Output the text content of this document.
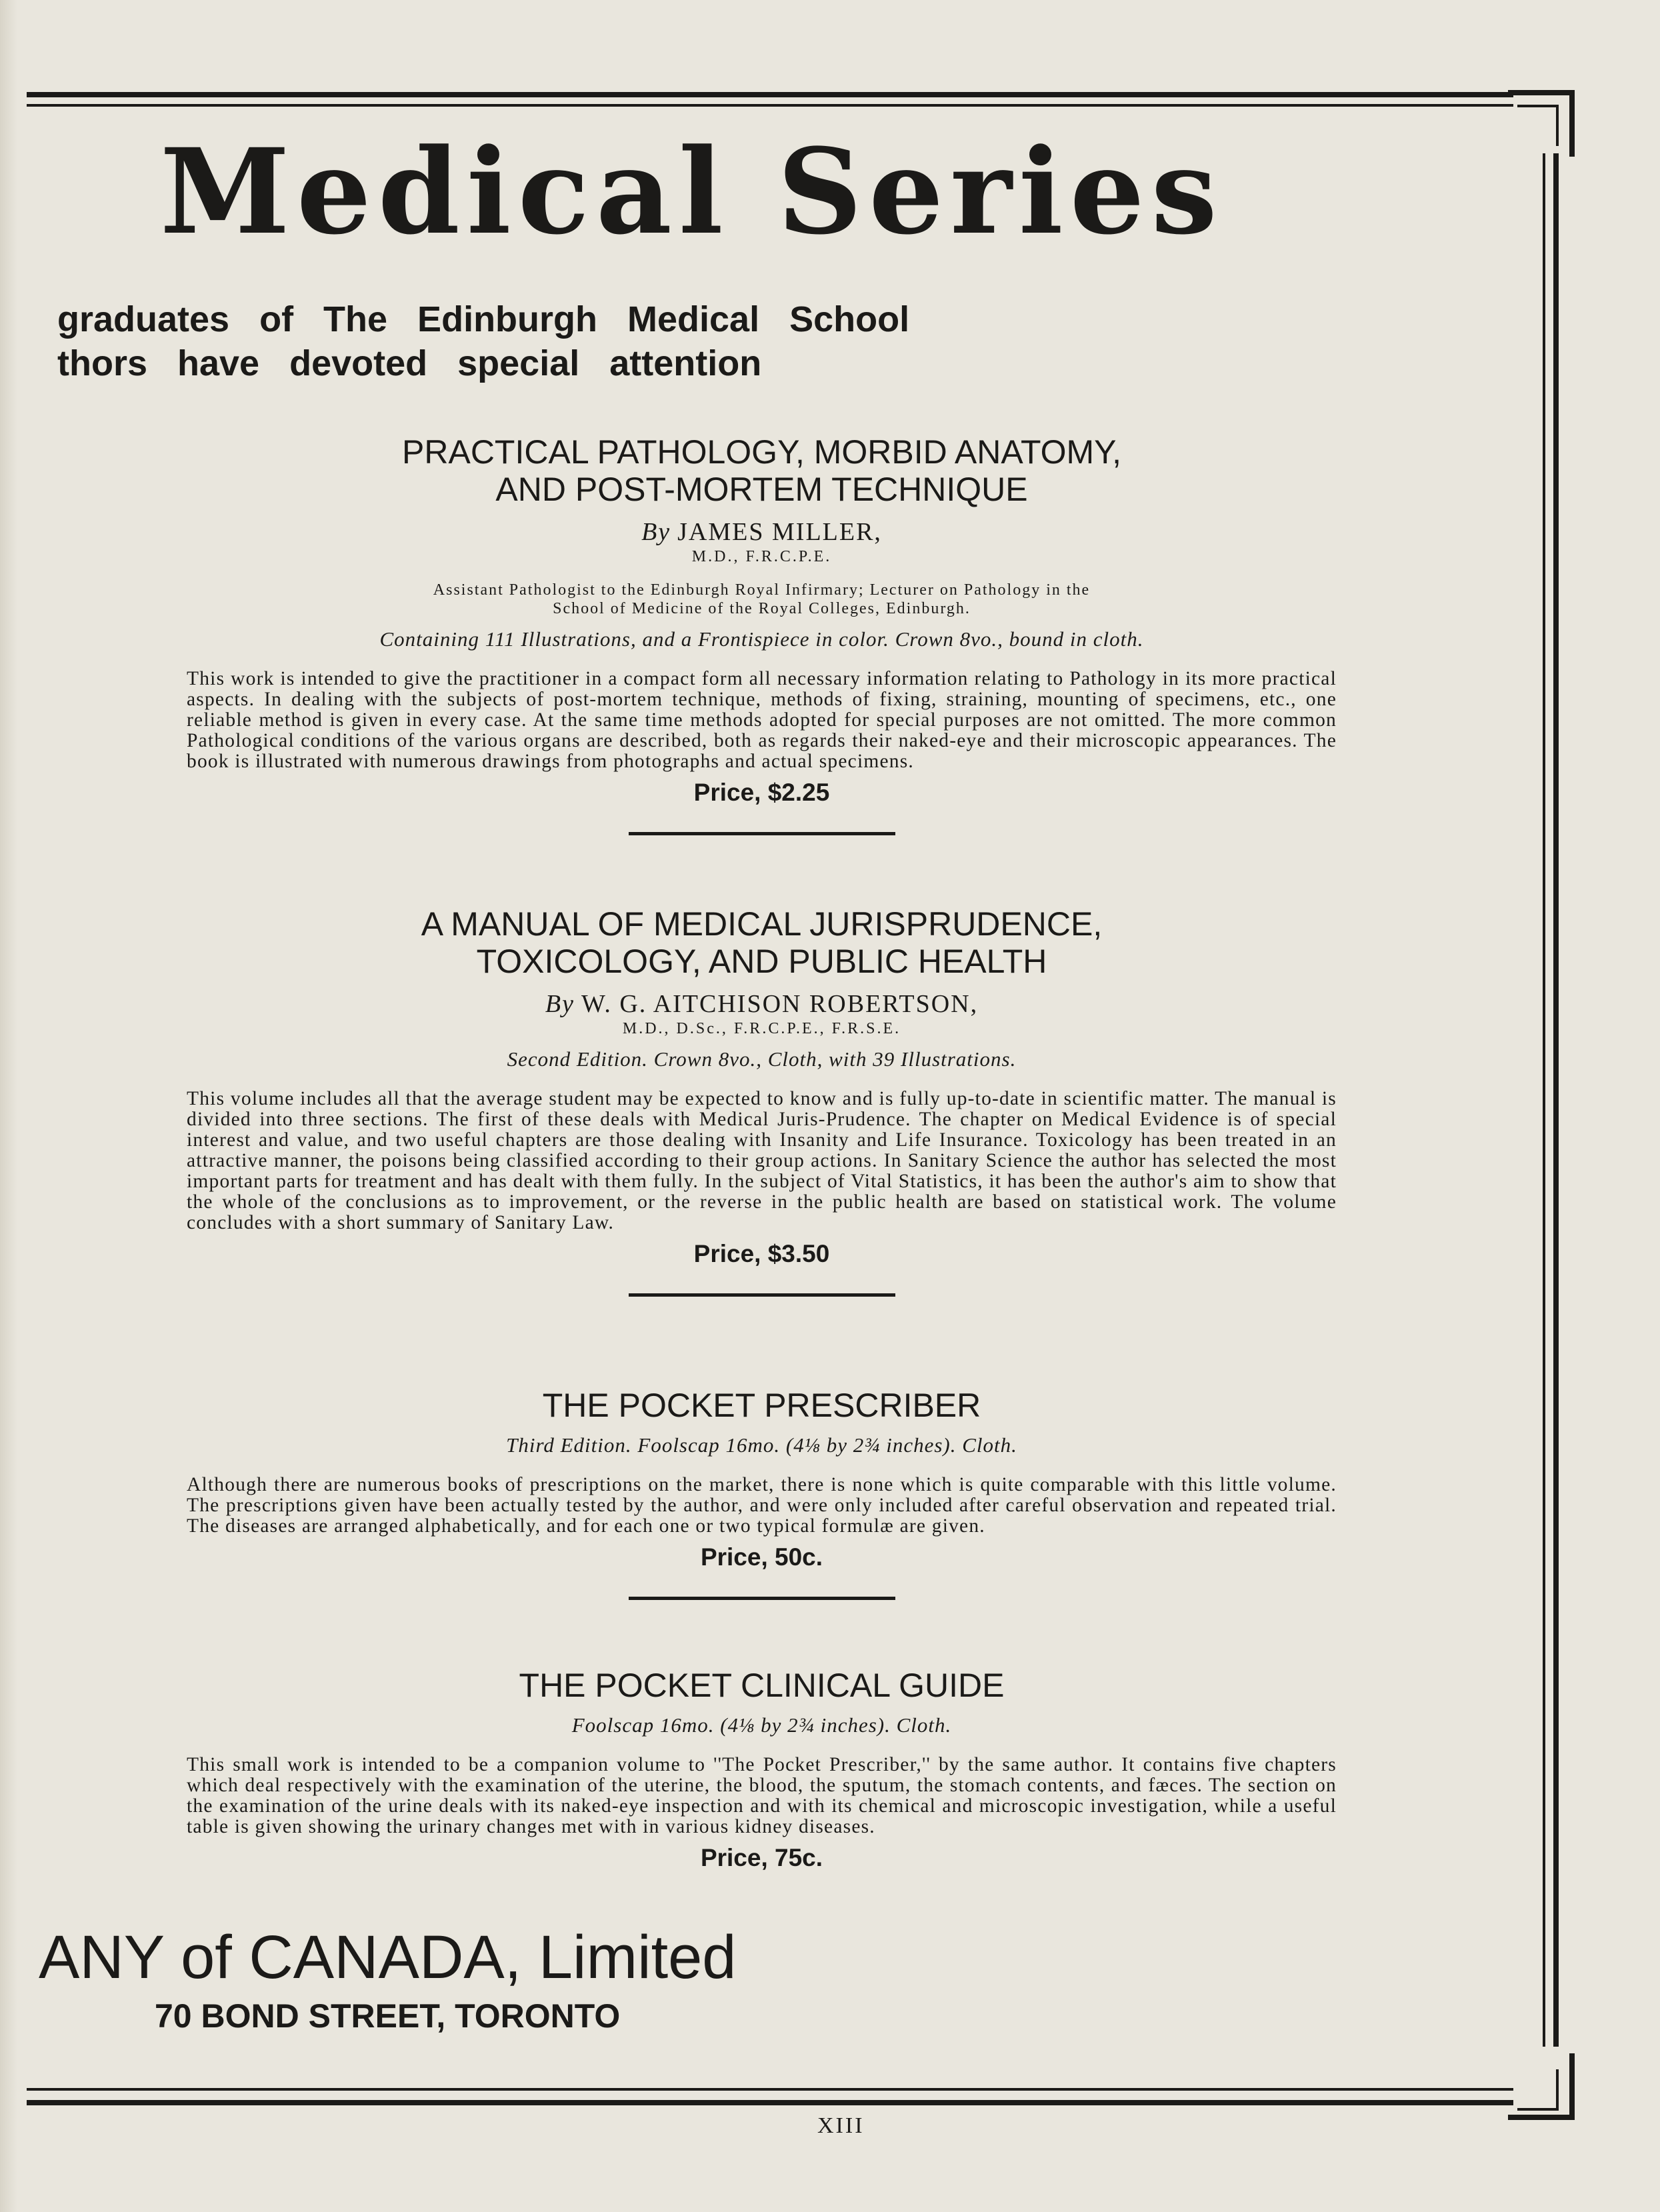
Medical Series
graduates of The Edinburgh Medical School
thors have devoted special attention

PRACTICAL PATHOLOGY, MORBID ANATOMY,
AND POST-MORTEM TECHNIQUE

By JAMES MILLER,
M.D., F.R.C.P.E.
Assistant Pathologist to the Edinburgh Royal Infirmary; Lecturer on Pathology in the
School of Medicine of the Royal Colleges, Edinburgh.
Containing 111 Illustrations, and a Frontispiece in color. Crown 8vo., bound in cloth.
This work is intended to give the practitioner in a compact form all necessary information relating to Pathology in its more practical aspects. In dealing with the subjects of post-mortem technique, methods of fixing, straining, mounting of specimens, etc., one reliable method is given in every case. At the same time methods adopted for special purposes are not omitted. The more common Pathological conditions of the various organs are described, both as regards their naked-eye and their microscopic appearances. The book is illustrated with numerous drawings from photographs and actual specimens.
Price, $2.25

A MANUAL OF MEDICAL JURISPRUDENCE,
TOXICOLOGY, AND PUBLIC HEALTH

By W. G. AITCHISON ROBERTSON,
M.D., D.Sc., F.R.C.P.E., F.R.S.E.
Second Edition. Crown 8vo., Cloth, with 39 Illustrations.
This volume includes all that the average student may be expected to know and is fully up-to-date in scientific matter. The manual is divided into three sections. The first of these deals with Medical Juris-Prudence. The chapter on Medical Evidence is of special interest and value, and two useful chapters are those dealing with Insanity and Life Insurance. Toxicology has been treated in an attractive manner, the poisons being classified according to their group actions. In Sanitary Science the author has selected the most important parts for treatment and has dealt with them fully. In the subject of Vital Statistics, it has been the author's aim to show that the whole of the conclusions as to improvement, or the reverse in the public health are based on statistical work. The volume concludes with a short summary of Sanitary Law.
Price, $3.50

THE POCKET PRESCRIBER

Third Edition. Foolscap 16mo. (4⅛ by 2¾ inches). Cloth.
Although there are numerous books of prescriptions on the market, there is none which is quite comparable with this little volume. The prescriptions given have been actually tested by the author, and were only included after careful observation and repeated trial. The diseases are arranged alphabetically, and for each one or two typical formulæ are given.
Price, 50c.

THE POCKET CLINICAL GUIDE

Foolscap 16mo. (4⅛ by 2¾ inches). Cloth.
This small work is intended to be a companion volume to ''The Pocket Prescriber,'' by the same author. It contains five chapters which deal respectively with the examination of the uterine, the blood, the sputum, the stomach contents, and fæces. The section on the examination of the urine deals with its naked-eye inspection and with its chemical and microscopic investigation, while a useful table is given showing the urinary changes met with in various kidney diseases.
Price, 75c.
ANY of CANADA, Limited
70 BOND STREET, TORONTO
XIII
